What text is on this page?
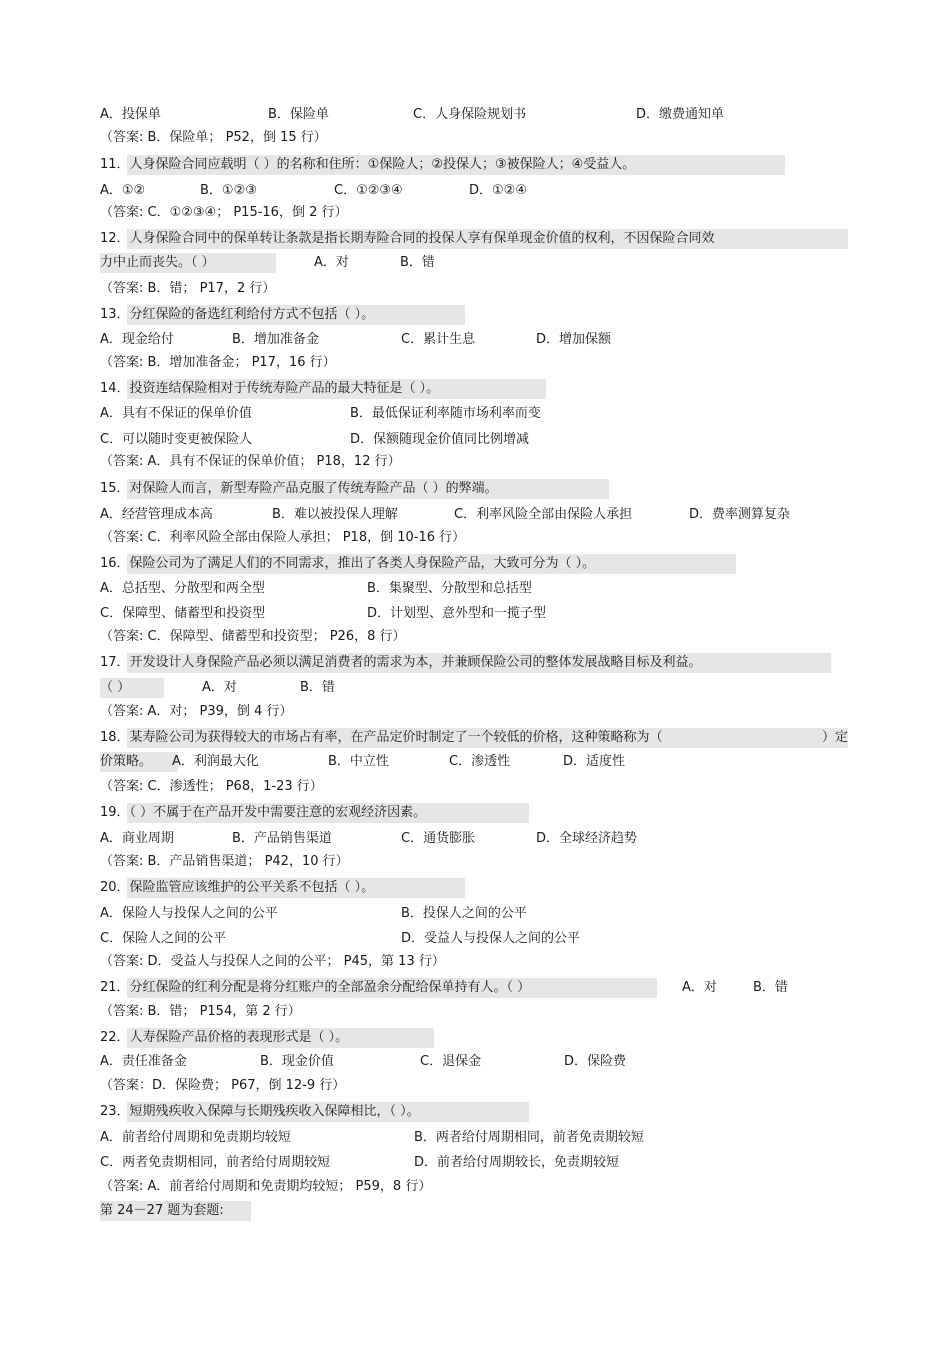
A．投保单	B．保险单	C．人身保险规划书	D．缴费通知单
（答案: B．保险单； P52，倒 15 行）
11．人身保险合同应载明（ ）的名称和住所：①保险人；②投保人；③被保险人；④受益人。
A．①②	B．①②③	C．①②③④	D．①②④
（答案: C．①②③④； P15-16，倒 2 行）
12．人身保险合同中的保单转让条款是指长期寿险合同的投保人享有保单现金价值的权利，不因保险合同效
力中止而丧失。（ ）	A．对	B．错
（答案: B．错； P17，2 行）
13．分红保险的备选红利给付方式不包括（ ）。
A．现金给付	B．增加准备金	C．累计生息	D．增加保额
（答案: B．增加准备金； P17，16 行）
14．投资连结保险相对于传统寿险产品的最大特征是（ ）。
A．具有不保证的保单价值	B．最低保证利率随市场利率而变
C．可以随时变更被保险人	D．保额随现金价值同比例增减
（答案: A．具有不保证的保单价值； P18，12 行）
15．对保险人而言，新型寿险产品克服了传统寿险产品（ ）的弊端。
A．经营管理成本高	B．难以被投保人理解	C．利率风险全部由保险人承担	D．费率测算复杂
（答案: C．利率风险全部由保险人承担； P18，倒 10-16 行）
16．保险公司为了满足人们的不同需求，推出了各类人身保险产品，大致可分为（ ）。
A．总括型、分散型和两全型	B．集聚型、分散型和总括型
C．保障型、储蓄型和投资型	D．计划型、意外型和一揽子型
（答案: C．保障型、储蓄型和投资型； P26，8 行）
17．开发设计人身保险产品必须以满足消费者的需求为本，并兼顾保险公司的整体发展战略目标及利益。
（ ）	A．对	B．错
（答案: A．对； P39，倒 4 行）
18．某寿险公司为获得较大的市场占有率，在产品定价时制定了一个较低的价格，这种策略称为（	）定
价策略。 A．利润最大化	B．中立性	C．渗透性	D．适度性
（答案: C．渗透性； P68，1-23 行）
19．（ ）不属于在产品开发中需要注意的宏观经济因素。
A．商业周期	B．产品销售渠道	C．通货膨胀	D．全球经济趋势
（答案: B．产品销售渠道； P42，10 行）
20．保险监管应该维护的公平关系不包括（ ）。
A．保险人与投保人之间的公平	B．投保人之间的公平
C．保险人之间的公平	D．受益人与投保人之间的公平
（答案: D．受益人与投保人之间的公平； P45，第 13 行）
21．分红保险的红利分配是将分红账户的全部盈余分配给保单持有人。（ ）	A．对	B．错
（答案: B．错； P154，第 2 行）
22．人寿保险产品价格的表现形式是（ ）。
A．责任准备金	B．现金价值	C．退保金	D．保险费
（答案：D．保险费； P67，倒 12-9 行）
23．短期残疾收入保障与长期残疾收入保障相比，（ ）。
A．前者给付周期和免责期均较短	B．两者给付周期相同，前者免责期较短
C．两者免责期相同，前者给付周期较短	D．前者给付周期较长，免责期较短
（答案: A．前者给付周期和免责期均较短； P59，8 行）
第 24－27 题为套题:
